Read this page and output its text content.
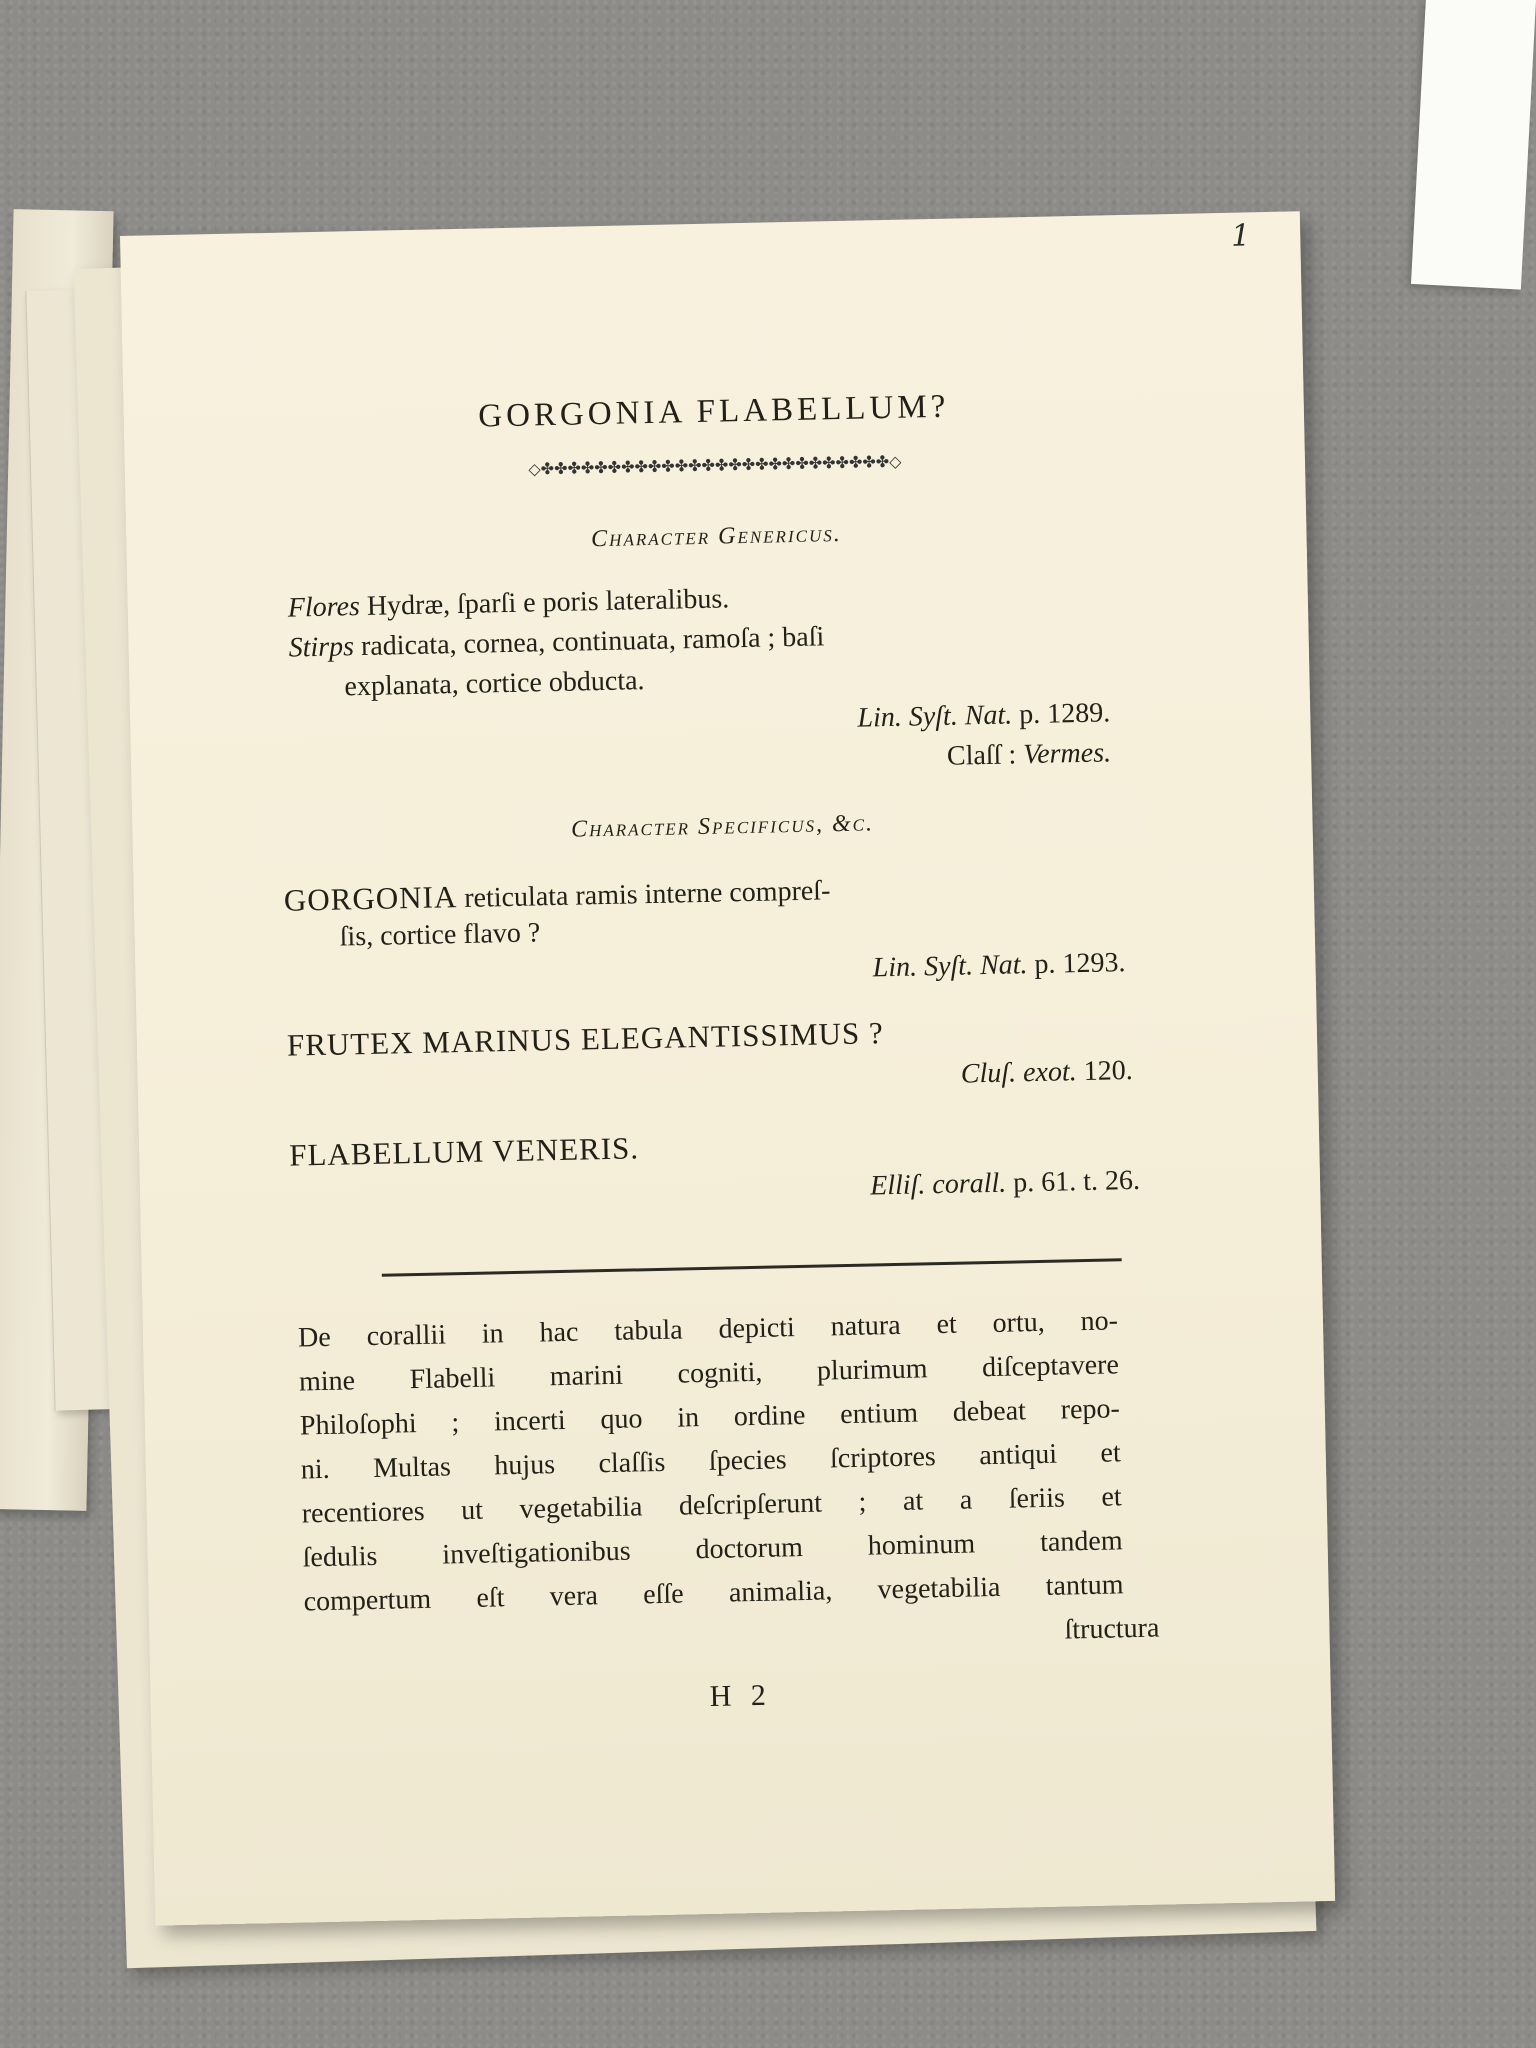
1
GORGONIA FLABELLUM?
◇✤✤✤✤✤✤✤✤✤✤✤✤✤✤✤✤✤✤✤✤✤✤✤✤✤✤◇
Character Genericus.
Flores Hydræ, ſparſi e poris lateralibus.
Stirps radicata, cornea, continuata, ramoſa ; baſi
explanata, cortice obducta.
Lin. Syſt. Nat. p. 1289.
Claſſ : Vermes.
Character Specificus, &c.
GORGONIA reticulata ramis interne compreſ-
ſis, cortice flavo ?
Lin. Syſt. Nat. p. 1293.
FRUTEX MARINUS ELEGANTISSIMUS ?
Cluſ. exot. 120.
FLABELLUM VENERIS.
Elliſ. corall. p. 61. t. 26.
De corallii in hac tabula depicti natura et ortu, no-
mine Flabelli marini cogniti, plurimum diſceptavere
Philoſophi ; incerti quo in ordine entium debeat repo-
ni. Multas hujus claſſis ſpecies ſcriptores antiqui et
recentiores ut vegetabilia deſcripſerunt ; at a ſeriis et
ſedulis inveſtigationibus doctorum hominum tandem
compertum eſt vera eſſe animalia, vegetabilia tantum
ſtructura
H 2
